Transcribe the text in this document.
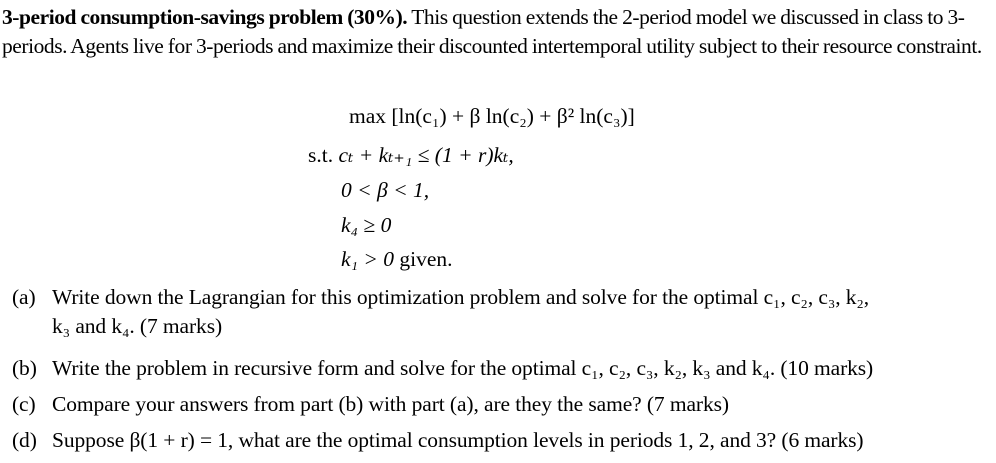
3-period consumption-savings problem (30%). This question extends the 2-period model we discussed in class to 3-periods. Agents live for 3-periods and maximize their discounted intertemporal utility subject to their resource constraint.

max [ln(c₁) + β ln(c₂) + β² ln(c₃)]
s.t. cₜ + kₜ₊₁ ≤ (1 + r)kₜ,
0 < β < 1,
k₄ ≥ 0
k₁ > 0 given.
(a) Write down the Lagrangian for this optimization problem and solve for the optimal c₁, c₂, c₃, k₂,
k₃ and k₄. (7 marks)
(b) Write the problem in recursive form and solve for the optimal c₁, c₂, c₃, k₂, k₃ and k₄. (10 marks)
(c) Compare your answers from part (b) with part (a), are they the same? (7 marks)
(d) Suppose β(1 + r) = 1, what are the optimal consumption levels in periods 1, 2, and 3? (6 marks)
